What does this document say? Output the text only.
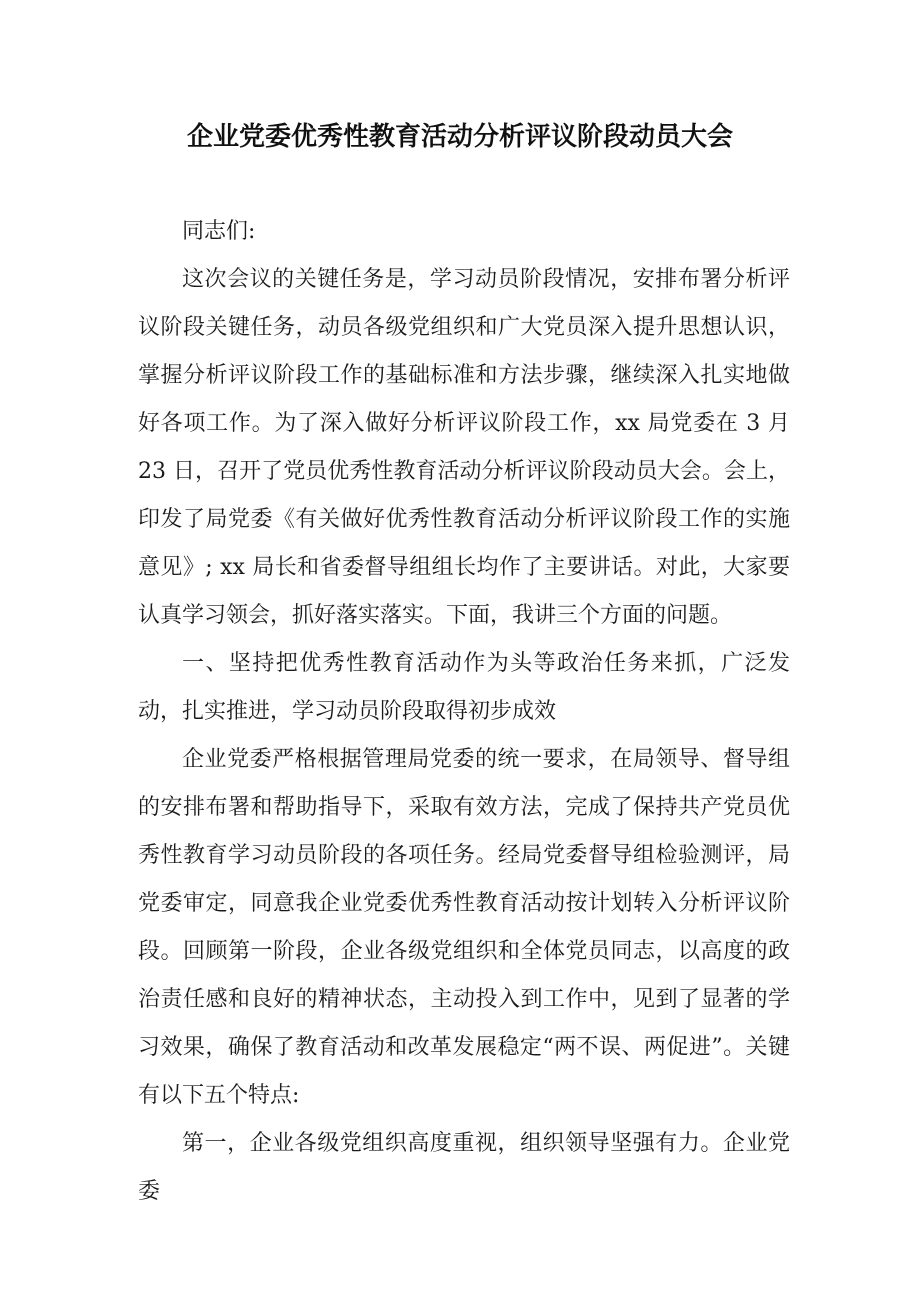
企业党委优秀性教育活动分析评议阶段动员大会

同志们:

这次会议的关键任务是，学习动员阶段情况，安排布署分析评议阶段关键任务，动员各级党组织和广大党员深入提升思想认识，掌握分析评议阶段工作的基础标准和方法步骤，继续深入扎实地做好各项工作。为了深入做好分析评议阶段工作，xx 局党委在 3 月 23 日，召开了党员优秀性教育活动分析评议阶段动员大会。会上，印发了局党委《有关做好优秀性教育活动分析评议阶段工作的实施意见》; xx 局长和省委督导组组长均作了主要讲话。对此，大家要认真学习领会，抓好落实落实。下面，我讲三个方面的问题。

一、坚持把优秀性教育活动作为头等政治任务来抓，广泛发动，扎实推进，学习动员阶段取得初步成效

企业党委严格根据管理局党委的统一要求，在局领导、督导组的安排布署和帮助指导下，采取有效方法，完成了保持共产党员优秀性教育学习动员阶段的各项任务。经局党委督导组检验测评，局党委审定，同意我企业党委优秀性教育活动按计划转入分析评议阶段。回顾第一阶段，企业各级党组织和全体党员同志，以高度的政治责任感和良好的精神状态，主动投入到工作中，见到了显著的学习效果，确保了教育活动和改革发展稳定“两不误、两促进”。关键有以下五个特点:

第一，企业各级党组织高度重视，组织领导坚强有力。企业党委
